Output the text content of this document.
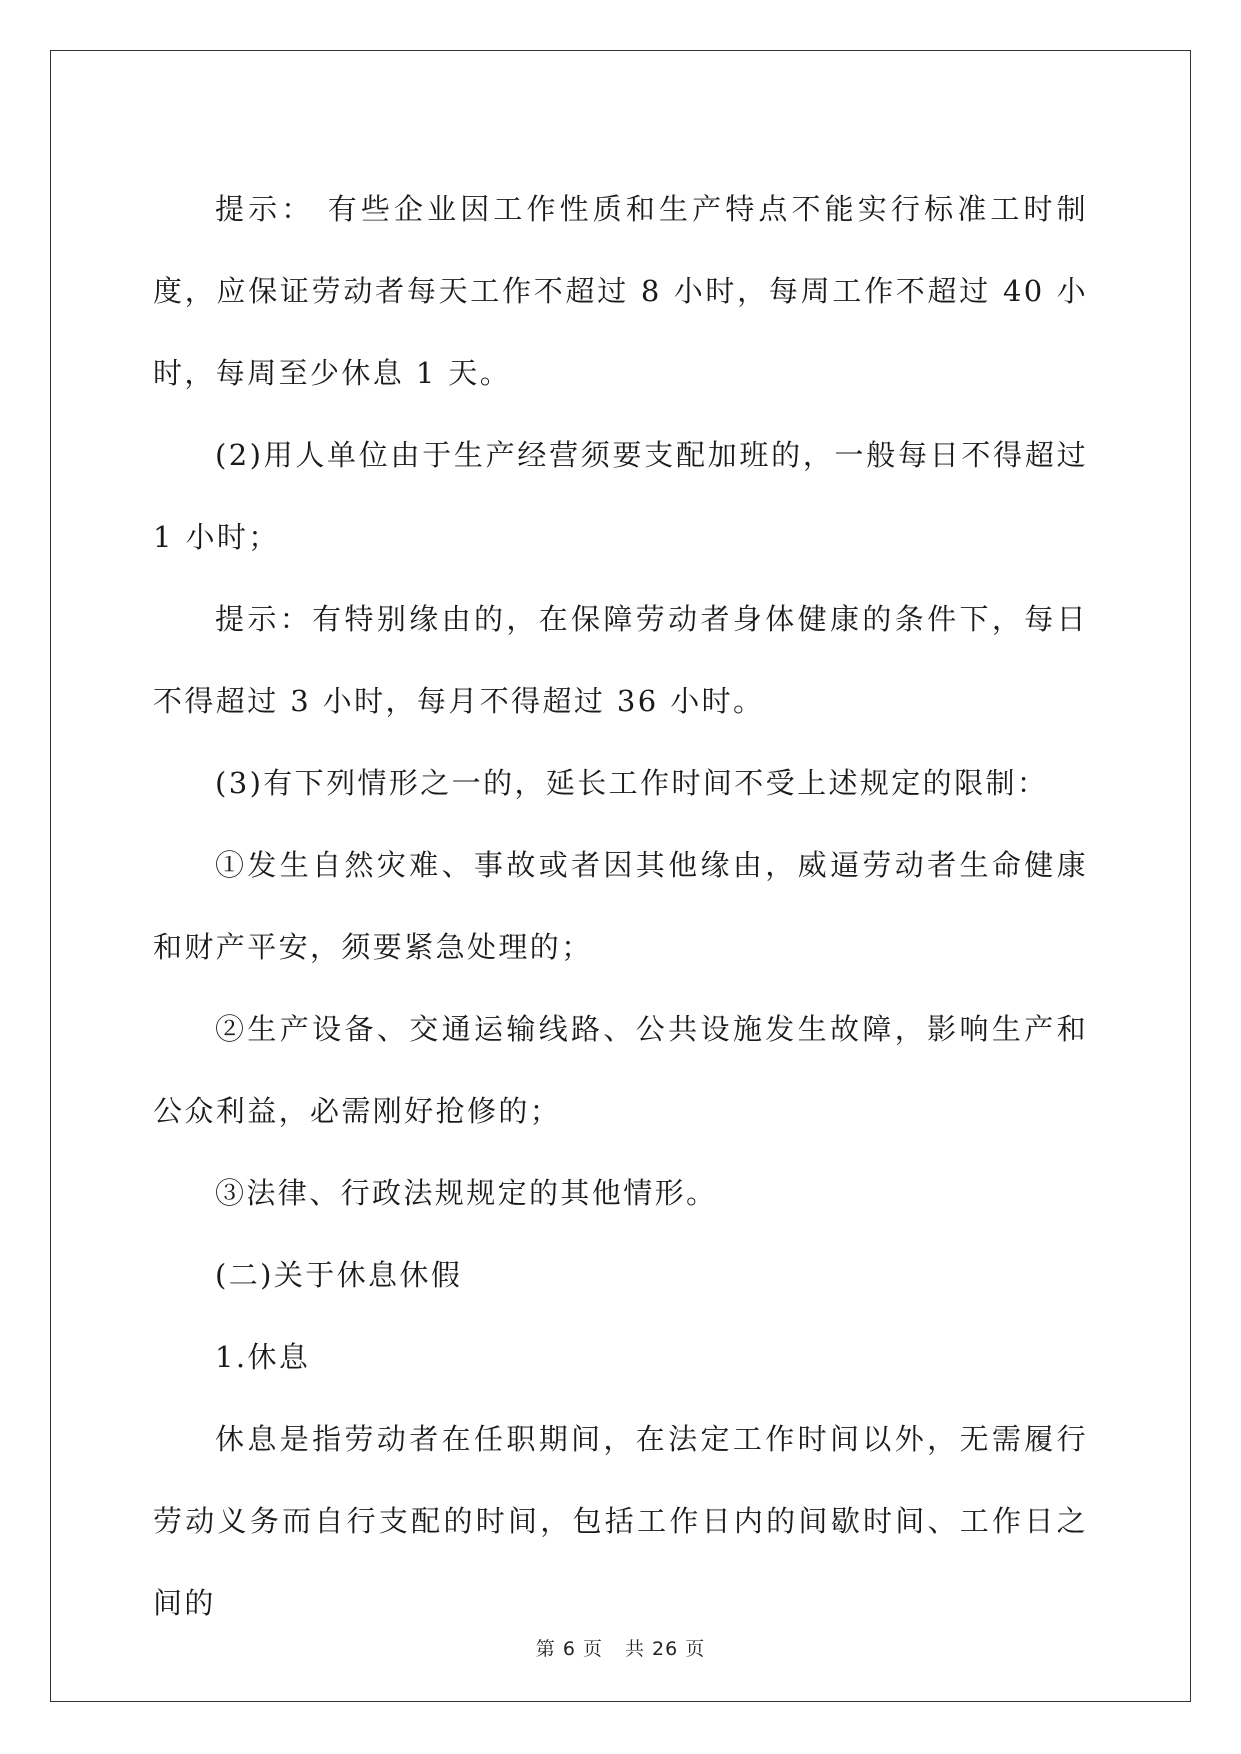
提示： 有些企业因工作性质和生产特点不能实行标准工时制度，应保证劳动者每天工作不超过 8 小时，每周工作不超过 40 小时，每周至少休息 1 天。

(2)用人单位由于生产经营须要支配加班的，一般每日不得超过 1 小时；

提示：有特别缘由的，在保障劳动者身体健康的条件下，每日不得超过 3 小时，每月不得超过 36 小时。

(3)有下列情形之一的，延长工作时间不受上述规定的限制：

①发生自然灾难、事故或者因其他缘由，威逼劳动者生命健康和财产平安，须要紧急处理的；

②生产设备、交通运输线路、公共设施发生故障，影响生产和公众利益，必需刚好抢修的；

③法律、行政法规规定的其他情形。

(二)关于休息休假

1.休息

休息是指劳动者在任职期间，在法定工作时间以外，无需履行劳动义务而自行支配的时间，包括工作日内的间歇时间、工作日之间的

第 6 页 共 26 页
